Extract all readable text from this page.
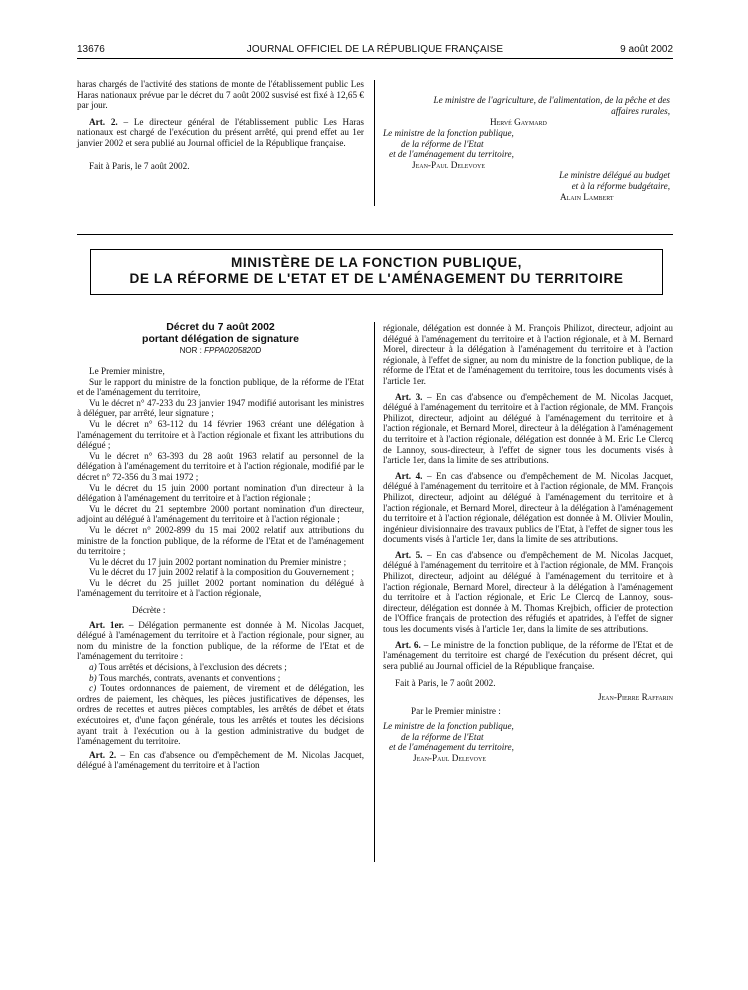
13676	JOURNAL OFFICIEL DE LA RÉPUBLIQUE FRANÇAISE	9 août 2002

haras chargés de l'activité des stations de monte de l'établissement public Les Haras nationaux prévue par le décret du 7 août 2002 susvisé est fixé à 12,65 € par jour.

Art. 2. – Le directeur général de l'établissement public Les Haras nationaux est chargé de l'exécution du présent arrêté, qui prend effet au 1er janvier 2002 et sera publié au Journal officiel de la République française.

Fait à Paris, le 7 août 2002.

Le ministre de l'agriculture, de l'alimentation, de la pêche et des affaires rurales,
Hervé Gaymard
Le ministre de la fonction publique,
de la réforme de l'Etat
et de l'aménagement du territoire,
Jean-Paul Delevoye
Le ministre délégué au budget
et à la réforme budgétaire,
Alain Lambert
MINISTÈRE DE LA FONCTION PUBLIQUE,
DE LA RÉFORME DE L'ETAT ET DE L'AMÉNAGEMENT DU TERRITOIRE
Décret du 7 août 2002
portant délégation de signature
NOR : FPPA0205820D

Le Premier ministre,

Sur le rapport du ministre de la fonction publique, de la réforme de l'Etat et de l'aménagement du territoire,

Vu le décret n° 47-233 du 23 janvier 1947 modifié autorisant les ministres à déléguer, par arrêté, leur signature ;

Vu le décret n° 63-112 du 14 février 1963 créant une délégation à l'aménagement du territoire et à l'action régionale et fixant les attributions du délégué ;

Vu le décret n° 63-393 du 28 août 1963 relatif au personnel de la délégation à l'aménagement du territoire et à l'action régionale, modifié par le décret n° 72-356 du 3 mai 1972 ;

Vu le décret du 15 juin 2000 portant nomination d'un directeur à la délégation à l'aménagement du territoire et à l'action régionale ;

Vu le décret du 21 septembre 2000 portant nomination d'un directeur, adjoint au délégué à l'aménagement du territoire et à l'action régionale ;

Vu le décret n° 2002-899 du 15 mai 2002 relatif aux attributions du ministre de la fonction publique, de la réforme de l'Etat et de l'aménagement du territoire ;

Vu le décret du 17 juin 2002 portant nomination du Premier ministre ;

Vu le décret du 17 juin 2002 relatif à la composition du Gouvernement ;

Vu le décret du 25 juillet 2002 portant nomination du délégué à l'aménagement du territoire et à l'action régionale,

Décrète :

Art. 1er. – Délégation permanente est donnée à M. Nicolas Jacquet, délégué à l'aménagement du territoire et à l'action régionale, pour signer, au nom du ministre de la fonction publique, de la réforme de l'Etat et de l'aménagement du territoire :

a) Tous arrêtés et décisions, à l'exclusion des décrets ;

b) Tous marchés, contrats, avenants et conventions ;

c) Toutes ordonnances de paiement, de virement et de délégation, les ordres de paiement, les chèques, les pièces justificatives de dépenses, les ordres de recettes et autres pièces comptables, les arrêtés de débet et états exécutoires et, d'une façon générale, tous les arrêtés et toutes les décisions ayant trait à l'exécution ou à la gestion administrative du budget de l'aménagement du territoire.

Art. 2. – En cas d'absence ou d'empêchement de M. Nicolas Jacquet, délégué à l'aménagement du territoire et à l'action

régionale, délégation est donnée à M. François Philizot, directeur, adjoint au délégué à l'aménagement du territoire et à l'action régionale, et à M. Bernard Morel, directeur à la délégation à l'aménagement du territoire et à l'action régionale, à l'effet de signer, au nom du ministre de la fonction publique, de la réforme de l'Etat et de l'aménagement du territoire, tous les documents visés à l'article 1er.

Art. 3. – En cas d'absence ou d'empêchement de M. Nicolas Jacquet, délégué à l'aménagement du territoire et à l'action régionale, de MM. François Philizot, directeur, adjoint au délégué à l'aménagement du territoire et à l'action régionale, et Bernard Morel, directeur à la délégation à l'aménagement du territoire et à l'action régionale, délégation est donnée à M. Eric Le Clercq de Lannoy, sous-directeur, à l'effet de signer tous les documents visés à l'article 1er, dans la limite de ses attributions.

Art. 4. – En cas d'absence ou d'empêchement de M. Nicolas Jacquet, délégué à l'aménagement du territoire et à l'action régionale, de MM. François Philizot, directeur, adjoint au délégué à l'aménagement du territoire et à l'action régionale, et Bernard Morel, directeur à la délégation à l'aménagement du territoire et à l'action régionale, délégation est donnée à M. Olivier Moulin, ingénieur divisionnaire des travaux publics de l'Etat, à l'effet de signer tous les documents visés à l'article 1er, dans la limite de ses attributions.

Art. 5. – En cas d'absence ou d'empêchement de M. Nicolas Jacquet, délégué à l'aménagement du territoire et à l'action régionale, de MM. François Philizot, directeur, adjoint au délégué à l'aménagement du territoire et à l'action régionale, Bernard Morel, directeur à la délégation à l'aménagement du territoire et à l'action régionale, et Eric Le Clercq de Lannoy, sous-directeur, délégation est donnée à M. Thomas Krejbich, officier de protection de l'Office français de protection des réfugiés et apatrides, à l'effet de signer tous les documents visés à l'article 1er, dans la limite de ses attributions.

Art. 6. – Le ministre de la fonction publique, de la réforme de l'Etat et de l'aménagement du territoire est chargé de l'exécution du présent décret, qui sera publié au Journal officiel de la République française.

Fait à Paris, le 7 août 2002.

Jean-Pierre Raffarin

Par le Premier ministre :

Le ministre de la fonction publique,
de la réforme de l'Etat
et de l'aménagement du territoire,

Jean-Paul Delevoye
